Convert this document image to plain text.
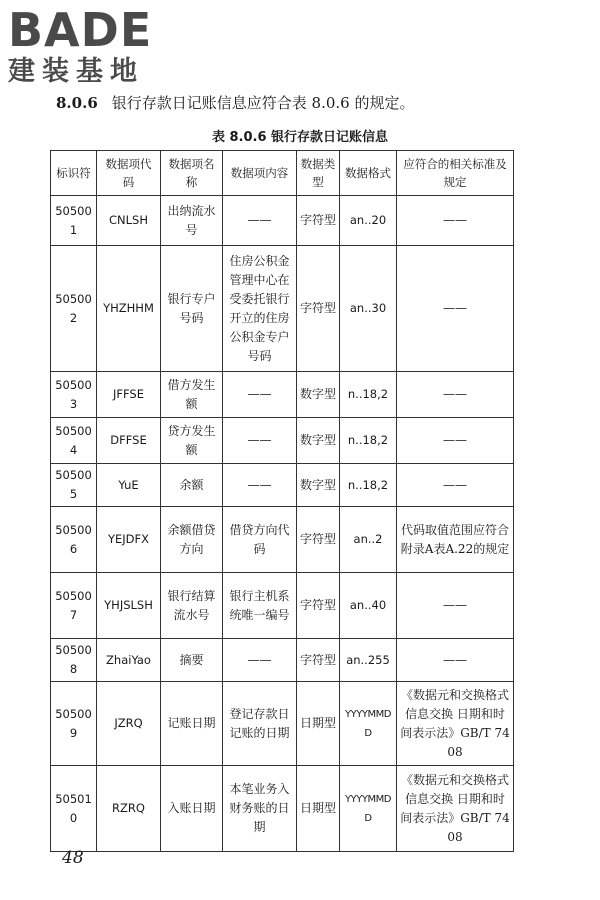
BADE
建装基地
8.0.6 银行存款日记账信息应符合表 8.0.6 的规定。
表 8.0.6 银行存款日记账信息
标识符	数据项代码	数据项名称	数据项内容	数据类型	数据格式	应符合的相关标准及规定
505001	CNLSH	出纳流水号	——	字符型	an..20	——
505002	YHZHHM	银行专户号码	住房公积金管理中心在受委托银行开立的住房公积金专户号码	字符型	an..30	——
505003	JFFSE	借方发生额	——	数字型	n..18,2	——
505004	DFFSE	贷方发生额	——	数字型	n..18,2	——
505005	YuE	余额	——	数字型	n..18,2	——
505006	YEJDFX	余额借贷方向	借贷方向代码	字符型	an..2	代码取值范围应符合附录A表A.22的规定
505007	YHJSLSH	银行结算流水号	银行主机系统唯一编号	字符型	an..40	——
505008	ZhaiYao	摘要	——	字符型	an..255	——
505009	JZRQ	记账日期	登记存款日记账的日期	日期型	YYYYMMDD	《数据元和交换格式 信息交换 日期和时间表示法》GB/T 7408
505010	RZRQ	入账日期	本笔业务入财务账的日期	日期型	YYYYMMDD	《数据元和交换格式 信息交换 日期和时间表示法》GB/T 7408
48
